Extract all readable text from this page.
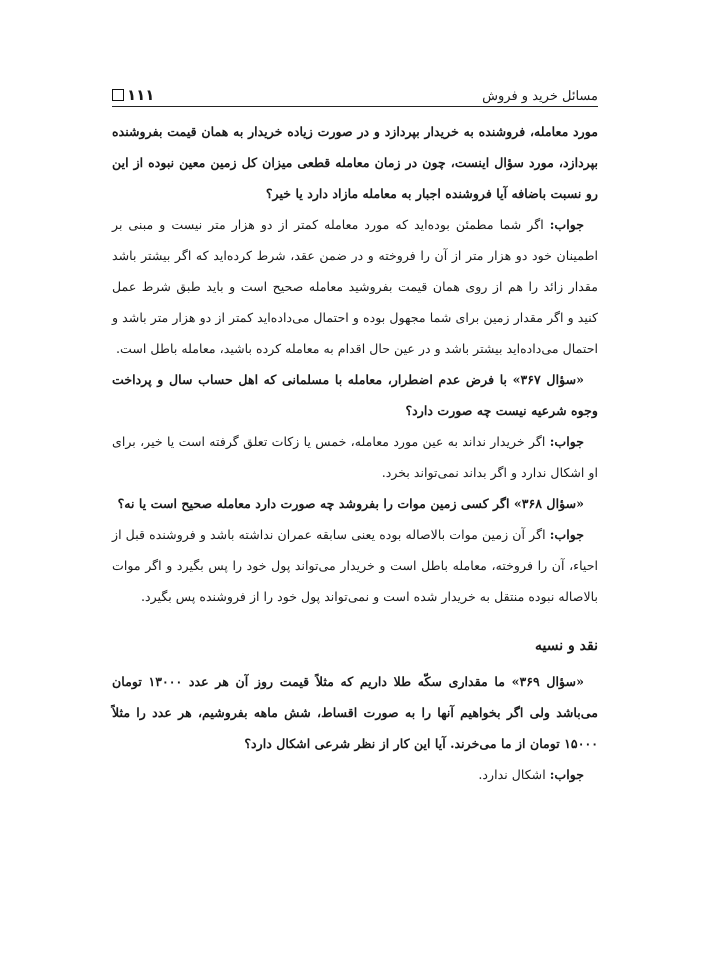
۱۱۱	مسائل خرید و فروش

مورد معامله، فروشنده به خریدار بپردازد و در صورت زیاده خریدار به همان قیمت بفروشنده بپردازد، مورد سؤال اینست، چون در زمان معامله قطعی میزان کل زمین معین نبوده از این رو نسبت باضافه آیا فروشنده اجبار به معامله مازاد دارد یا خیر؟

جواب: اگر شما مطمئن بوده‌اید که مورد معامله کمتر از دو هزار متر نیست و مبنی بر اطمینان خود دو هزار متر از آن را فروخته و در ضمن عقد، شرط کرده‌اید که اگر بیشتر باشد مقدار زائد را هم از روی همان قیمت بفروشید معامله صحیح است و باید طبق شرط عمل کنید و اگر مقدار زمین برای شما مجهول بوده و احتمال می‌داده‌اید کمتر از دو هزار متر باشد و احتمال می‌داده‌اید بیشتر باشد و در عین حال اقدام به معامله کرده باشید، معامله باطل است.

«سؤال ۳۶۷» با فرض عدم اضطرار، معامله با مسلمانی که اهل حساب سال و پرداخت وجوه شرعیه نیست چه صورت دارد؟

جواب: اگر خریدار نداند به عین مورد معامله، خمس یا زکات تعلق گرفته است یا خیر، برای او اشکال ندارد و اگر بداند نمی‌تواند بخرد.

«سؤال ۳۶۸» اگر کسی زمین موات را بفروشد چه صورت دارد معامله صحیح است یا نه؟

جواب: اگر آن زمین موات بالاصاله بوده یعنی سابقه عمران نداشته باشد و فروشنده قبل از احیاء، آن را فروخته، معامله باطل است و خریدار می‌تواند پول خود را پس بگیرد و اگر موات بالاصاله نبوده منتقل به خریدار شده است و نمی‌تواند پول خود را از فروشنده پس بگیرد.

نقد و نسیه

«سؤال ۳۶۹» ما مقداری سکّه طلا داریم که مثلاً قیمت روز آن هر عدد ۱۳۰۰۰ تومان می‌باشد ولی اگر بخواهیم آنها را به صورت اقساط، شش ماهه بفروشیم، هر عدد را مثلاً ۱۵۰۰۰ تومان از ما می‌خرند. آیا این کار از نظر شرعی اشکال دارد؟

جواب: اشکال ندارد.
